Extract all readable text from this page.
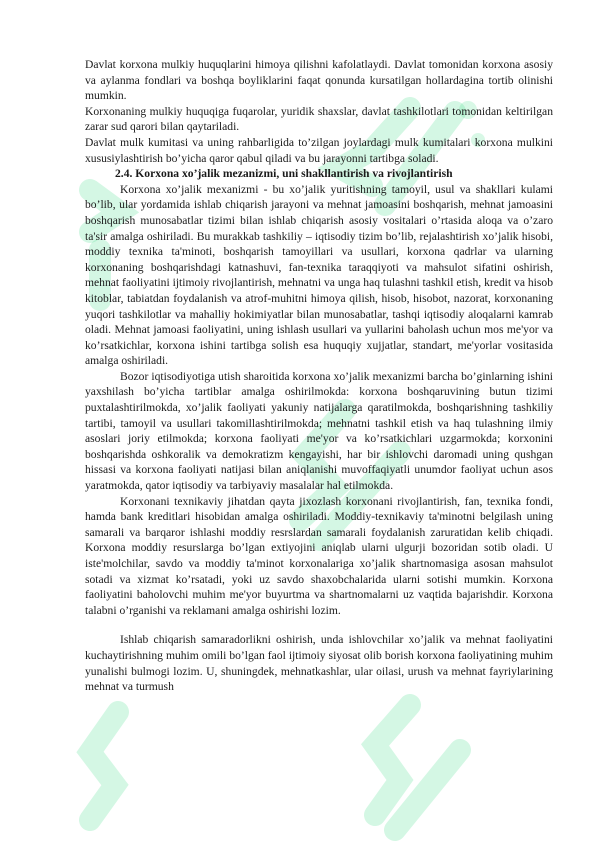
Davlat korxona mulkiy huquqlarini himoya qilishni kafolatlaydi. Davlat tomonidan korxona asosiy va aylanma fondlari va boshqa boyliklarini faqat qonunda kursatilgan hollardagina tortib olinishi mumkin.

Korxonaning mulkiy huquqiga fuqarolar, yuridik shaxslar, davlat tashkilotlari tomonidan keltirilgan zarar sud qarori bilan qaytariladi.

Davlat mulk kumitasi va uning rahbarligida to’zilgan joylardagi mulk kumitalari korxona mulkini xususiylashtirish bo’yicha qaror qabul qiladi va bu jarayonni tartibga soladi.

2.4. Korxona xo’jalik mezanizmi, uni shakllantirish va rivojlantirish

Korxona xo’jalik mexanizmi - bu xo’jalik yuritishning tamoyil, usul va shakllari kulami bo’lib, ular yordamida ishlab chiqarish jarayoni va mehnat jamoasini boshqarish, mehnat jamoasini boshqarish munosabatlar tizimi bilan ishlab chiqarish asosiy vositalari o’rtasida aloqa va o’zaro ta'sir amalga oshiriladi. Bu murakkab tashkiliy – iqtisodiy tizim bo’lib, rejalashtirish xo’jalik hisobi, moddiy texnika ta'minoti, boshqarish tamoyillari va usullari, korxona qadrlar va ularning korxonaning boshqarishdagi katnashuvi, fan-texnika taraqqiyoti va mahsulot sifatini oshirish, mehnat faoliyatini ijtimoiy rivojlantirish, mehnatni va unga haq tulashni tashkil etish, kredit va hisob kitoblar, tabiatdan foydalanish va atrof-muhitni himoya qilish, hisob, hisobot, nazorat, korxonaning yuqori tashkilotlar va mahalliy hokimiyatlar bilan munosabatlar, tashqi iqtisodiy aloqalarni kamrab oladi. Mehnat jamoasi faoliyatini, uning ishlash usullari va yullarini baholash uchun mos me'yor va ko’rsatkichlar, korxona ishini tartibga solish esa huquqiy xujjatlar, standart, me'yorlar vositasida amalga oshiriladi.

Bozor iqtisodiyotiga utish sharoitida korxona xo’jalik mexanizmi barcha bo’ginlarning ishini yaxshilash bo’yicha tartiblar amalga oshirilmokda: korxona boshqaruvining butun tizimi puxtalashtirilmokda, xo’jalik faoliyati yakuniy natijalarga qaratilmokda, boshqarishning tashkiliy tartibi, tamoyil va usullari takomillashtirilmokda; mehnatni tashkil etish va haq tulashning ilmiy asoslari joriy etilmokda; korxona faoliyati me'yor va ko’rsatkichlari uzgarmokda; korxonini boshqarishda oshkoralik va demokratizm kengayishi, har bir ishlovchi daromadi uning qushgan hissasi va korxona faoliyati natijasi bilan aniqlanishi muvoffaqiyatli unumdor faoliyat uchun asos yaratmokda, qator iqtisodiy va tarbiyaviy masalalar hal etilmokda.

Korxonani texnikaviy jihatdan qayta jixozlash korxonani rivojlantirish, fan, texnika fondi, hamda bank kreditlari hisobidan amalga oshiriladi. Moddiy-texnikaviy ta'minotni belgilash uning samarali va barqaror ishlashi moddiy resrslardan samarali foydalanish zaruratidan kelib chiqadi. Korxona moddiy resurslarga bo’lgan extiyojini aniqlab ularni ulgurji bozoridan sotib oladi. U iste'molchilar, savdo va moddiy ta'minot korxonalariga xo’jalik shartnomasiga asosan mahsulot sotadi va xizmat ko’rsatadi, yoki uz savdo shaxobchalarida ularni sotishi mumkin. Korxona faoliyatini baholovchi muhim me'yor buyurtma va shartnomalarni uz vaqtida bajarishdir. Korxona talabni o’rganishi va reklamani amalga oshirishi lozim.

Ishlab chiqarish samaradorlikni oshirish, unda ishlovchilar xo’jalik va mehnat faoliyatini kuchaytirishning muhim omili bo’lgan faol ijtimoiy siyosat olib borish korxona faoliyatining muhim yunalishi bulmogi lozim. U, shuningdek, mehnatkashlar, ular oilasi, urush va mehnat fayriylarining mehnat va turmush
